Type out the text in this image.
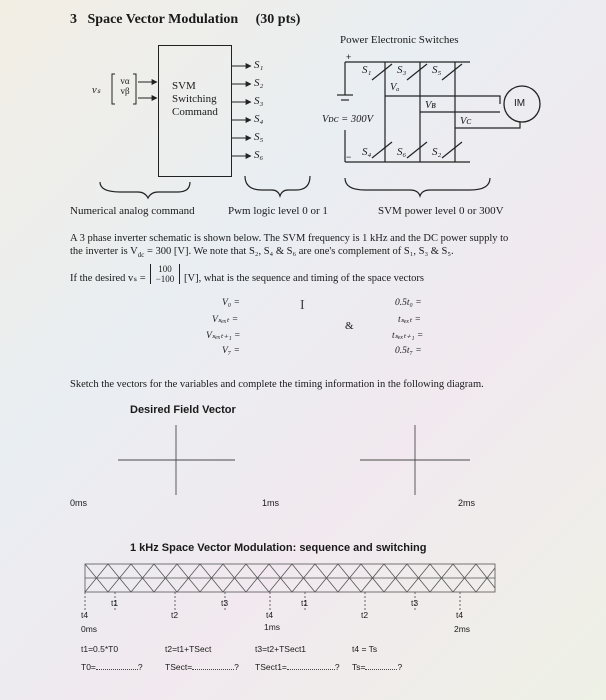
3 Space Vector Modulation (30 pts)
Power Electronic Switches
vₛ
vα
vβ	SVM
Switching
Command
S₁
S₂
S₃
S₄
S₅
S₆
S₁ S₃ S₅
S₄ S₆ S₂
Vₐ
Vʙ
Vᴄ
Vᴅᴄ = 300V
+
−
IM
Numerical analog command	Pwm logic level 0 or 1	SVM power level 0 or 300V
A 3 phase inverter schematic is shown below. The SVM frequency is 1 kHz and the DC power supply to
the inverter is $V_{dc} = 300$ [V]. We note that S₂, S₄ & S₆ are one's complement of S₁, S₃ & S₅.
If the desired vₛ =
100
−100 [V], what is the sequence and timing of the space vectors
V₀ =
Vₛₑₓₜ =
Vₛₑₓₜ₊₁ =
V₇ =
0.5t₀ =
tₛₑₓₜ =
tₛₑₓₜ₊₁ =
0.5t₇ =
&
I
Sketch the vectors for the variables and complete the timing information in the following diagram.
Desired Field Vector
0ms	1ms	2ms
1 kHz Space Vector Modulation: sequence and switching
t4
t1
t2
t3
t4
t1
t2
t3
t4
0ms	1ms	2ms
t1=0.5*T0	t2=t1+TSect	t3=t2+TSect1	t4 = Ts
T0=	?	TSect=	? TSect1=	? Ts=	?
